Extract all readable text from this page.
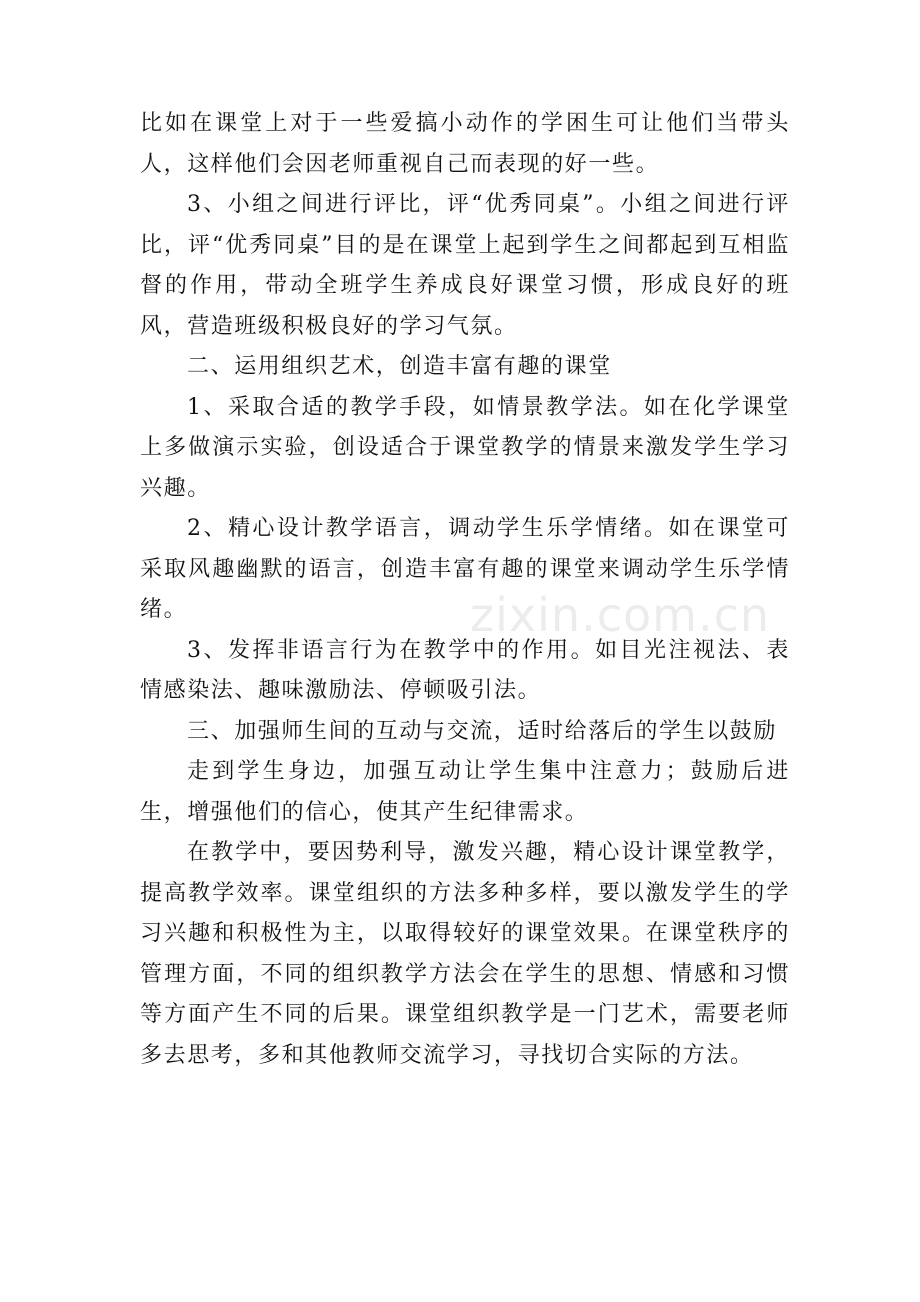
比如在课堂上对于一些爱搞小动作的学困生可让他们当带头人，这样他们会因老师重视自己而表现的好一些。

3、小组之间进行评比，评“优秀同桌”。小组之间进行评比，评“优秀同桌”目的是在课堂上起到学生之间都起到互相监督的作用，带动全班学生养成良好课堂习惯，形成良好的班风，营造班级积极良好的学习气氛。

二、运用组织艺术，创造丰富有趣的课堂

1、采取合适的教学手段，如情景教学法。如在化学课堂上多做演示实验，创设适合于课堂教学的情景来激发学生学习兴趣。

2、精心设计教学语言，调动学生乐学情绪。如在课堂可采取风趣幽默的语言，创造丰富有趣的课堂来调动学生乐学情绪。

3、发挥非语言行为在教学中的作用。如目光注视法、表情感染法、趣味激励法、停顿吸引法。

三、加强师生间的互动与交流，适时给落后的学生以鼓励

走到学生身边，加强互动让学生集中注意力；鼓励后进生，增强他们的信心，使其产生纪律需求。

在教学中，要因势利导，激发兴趣，精心设计课堂教学，提高教学效率。课堂组织的方法多种多样，要以激发学生的学习兴趣和积极性为主，以取得较好的课堂效果。在课堂秩序的管理方面，不同的组织教学方法会在学生的思想、情感和习惯等方面产生不同的后果。课堂组织教学是一门艺术，需要老师多去思考，多和其他教师交流学习，寻找切合实际的方法。

zixin.com.cn
